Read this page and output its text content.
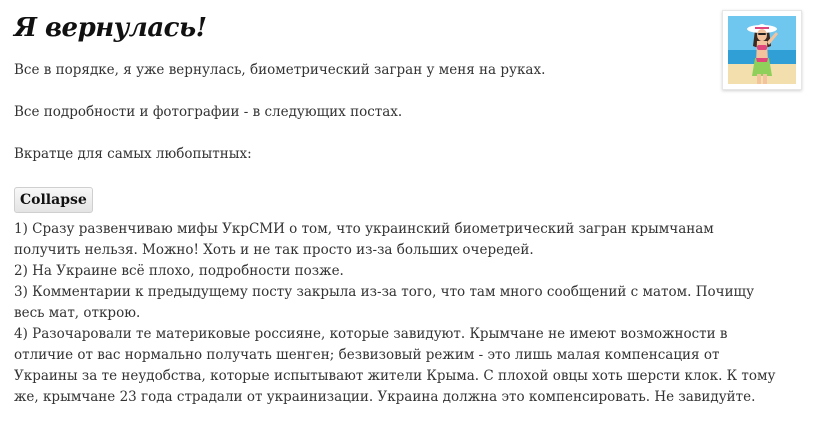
Я вернулась!

Все в порядке, я уже вернулась, биометрический загран у меня на руках.

Все подробности и фотографии - в следующих постах.

Вкратце для самых любопытных:

Collapse

1) Сразу развенчиваю мифы УкрСМИ о том, что украинский биометрический загран крымчанам получить нельзя. Можно! Хоть и не так просто из-за больших очередей.

2) На Украине всё плохо, подробности позже.

3) Комментарии к предыдущему посту закрыла из-за того, что там много сообщений с матом. Почищу весь мат, открою.

4) Разочаровали те материковые россияне, которые завидуют. Крымчане не имеют возможности в отличие от вас нормально получать шенген; безвизовый режим - это лишь малая компенсация от Украины за те неудобства, которые испытывают жители Крыма. С плохой овцы хоть шерсти клок. К тому же, крымчане 23 года страдали от украинизации. Украина должна это компенсировать. Не завидуйте.
